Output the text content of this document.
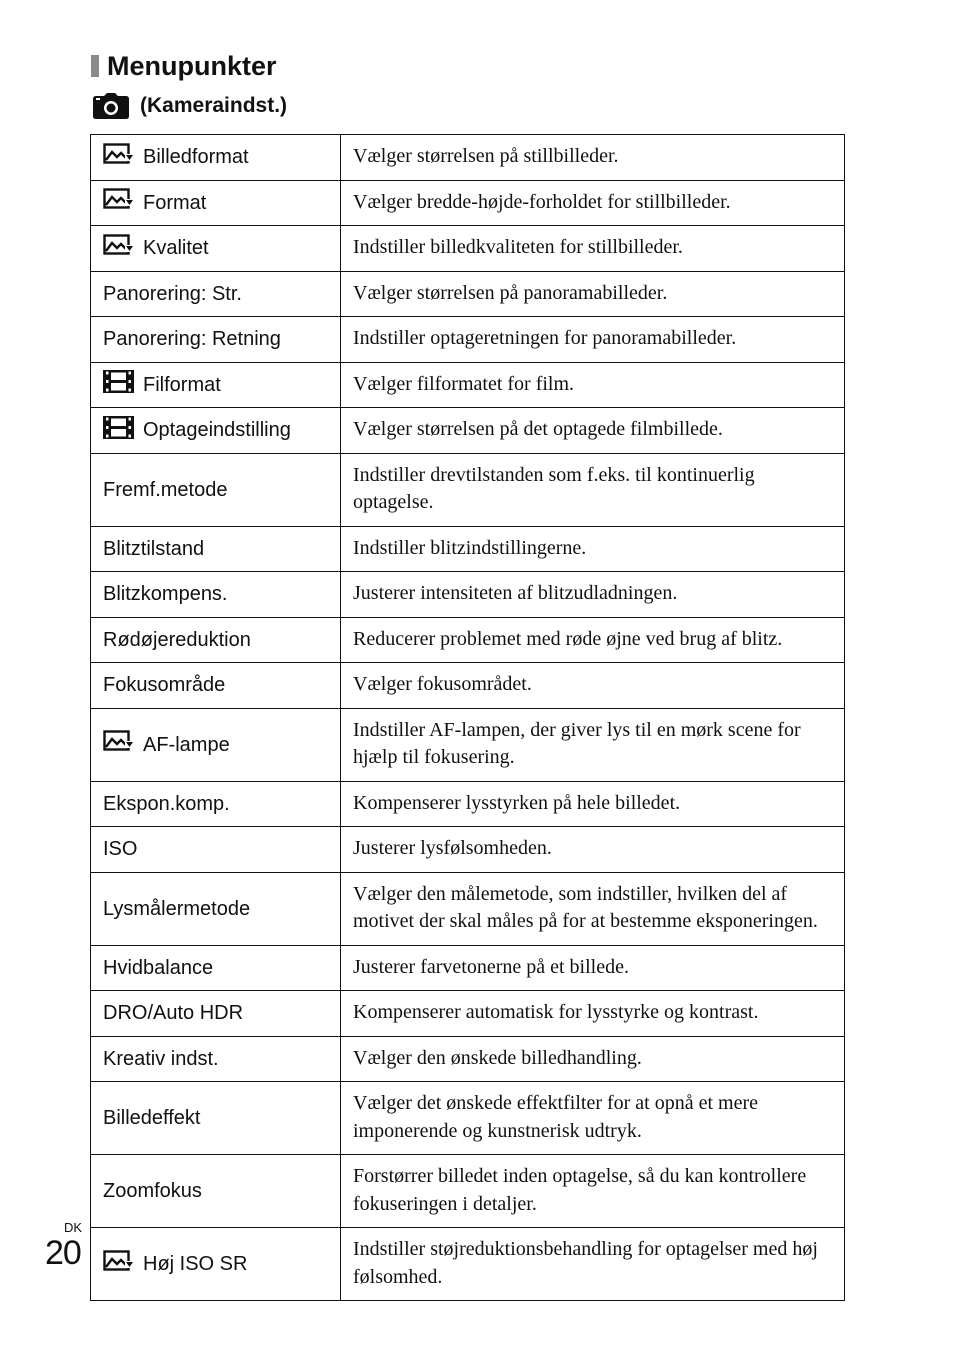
Menupunkter
(Kameraindst.)
Billedformat	Vælger størrelsen på stillbilleder.

Format	Vælger bredde-højde-forholdet for stillbilleder.

Kvalitet	Indstiller billedkvaliteten for stillbilleder.

Panorering: Str.	Vælger størrelsen på panoramabilleder.

Panorering: Retning	Indstiller optageretningen for panoramabilleder.

Filformat	Vælger filformatet for film.

Optageindstilling	Vælger størrelsen på det optagede filmbillede.

Fremf.metode	Indstiller drevtilstanden som f.eks. til kontinuerlig optagelse.

Blitztilstand	Indstiller blitzindstillingerne.

Blitzkompens.	Justerer intensiteten af blitzudladningen.

Rødøjereduktion	Reducerer problemet med røde øjne ved brug af blitz.

Fokusområde	Vælger fokusområdet.

AF-lampe	Indstiller AF-lampen, der giver lys til en mørk scene for hjælp til fokusering.

Ekspon.komp.	Kompenserer lysstyrken på hele billedet.

ISO	Justerer lysfølsomheden.

Lysmålermetode	Vælger den målemetode, som indstiller, hvilken del af motivet der skal måles på for at bestemme eksponeringen.

Hvidbalance	Justerer farvetonerne på et billede.

DRO/Auto HDR	Kompenserer automatisk for lysstyrke og kontrast.

Kreativ indst.	Vælger den ønskede billedhandling.

Billedeffekt	Vælger det ønskede effektfilter for at opnå et mere imponerende og kunstnerisk udtryk.

Zoomfokus	Forstørrer billedet inden optagelse, så du kan kontrollere fokuseringen i detaljer.

Høj ISO SR	Indstiller støjreduktionsbehandling for optagelser med høj følsomhed.
DK
20
